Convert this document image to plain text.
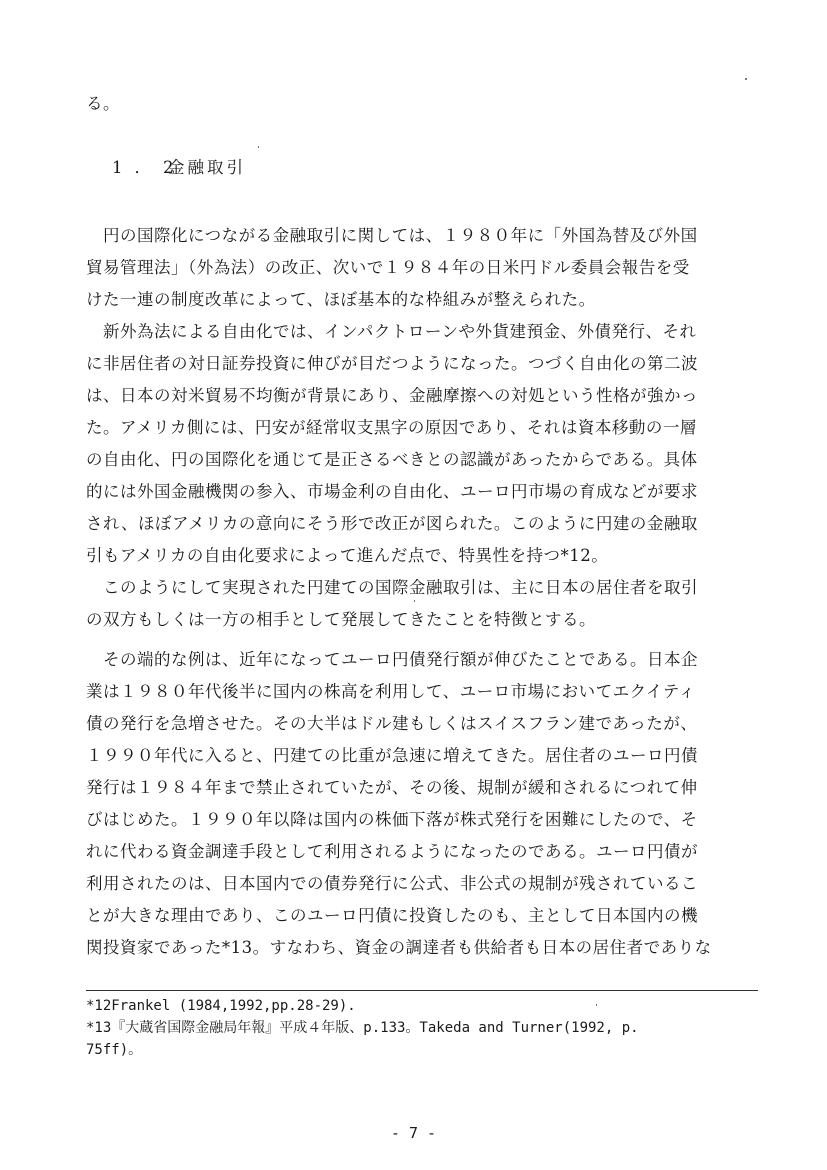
る。
1．2
金融取引
　円の国際化につながる金融取引に関しては、１９８０年に「外国為替及び外国
貿易管理法」（外為法）の改正、次いで１９８４年の日米円ドル委員会報告を受
けた一連の制度改革によって、ほぼ基本的な枠組みが整えられた。
　新外為法による自由化では、インパクトローンや外貨建預金、外債発行、それ
に非居住者の対日証券投資に伸びが目だつようになった。つづく自由化の第二波
は、日本の対米貿易不均衡が背景にあり、金融摩擦への対処という性格が強かっ
た。アメリカ側には、円安が経常収支黒字の原因であり、それは資本移動の一層
の自由化、円の国際化を通じて是正さるべきとの認識があったからである。具体
的には外国金融機関の参入、市場金利の自由化、ユーロ円市場の育成などが要求
され、ほぼアメリカの意向にそう形で改正が図られた。このように円建の金融取
引もアメリカの自由化要求によって進んだ点で、特異性を持つ*12。
　このようにして実現された円建ての国際金融取引は、主に日本の居住者を取引
の双方もしくは一方の相手として発展してきたことを特徴とする。
　その端的な例は、近年になってユーロ円債発行額が伸びたことである。日本企
業は１９８０年代後半に国内の株高を利用して、ユーロ市場においてエクイティ
債の発行を急増させた。その大半はドル建もしくはスイスフラン建であったが、
１９９０年代に入ると、円建ての比重が急速に増えてきた。居住者のユーロ円債
発行は１９８４年まで禁止されていたが、その後、規制が緩和されるにつれて伸
びはじめた。１９９０年以降は国内の株価下落が株式発行を困難にしたので、そ
れに代わる資金調達手段として利用されるようになったのである。ユーロ円債が
利用されたのは、日本国内での債券発行に公式、非公式の規制が残されているこ
とが大きな理由であり、このユーロ円債に投資したのも、主として日本国内の機
関投資家であった*13。すなわち、資金の調達者も供給者も日本の居住者でありな
*12Frankel (1984,1992,pp.28-29).
*13『大蔵省国際金融局年報』平成４年版、p.133。Takeda and Turner(1992, p.
75ff)。
- 7 -
